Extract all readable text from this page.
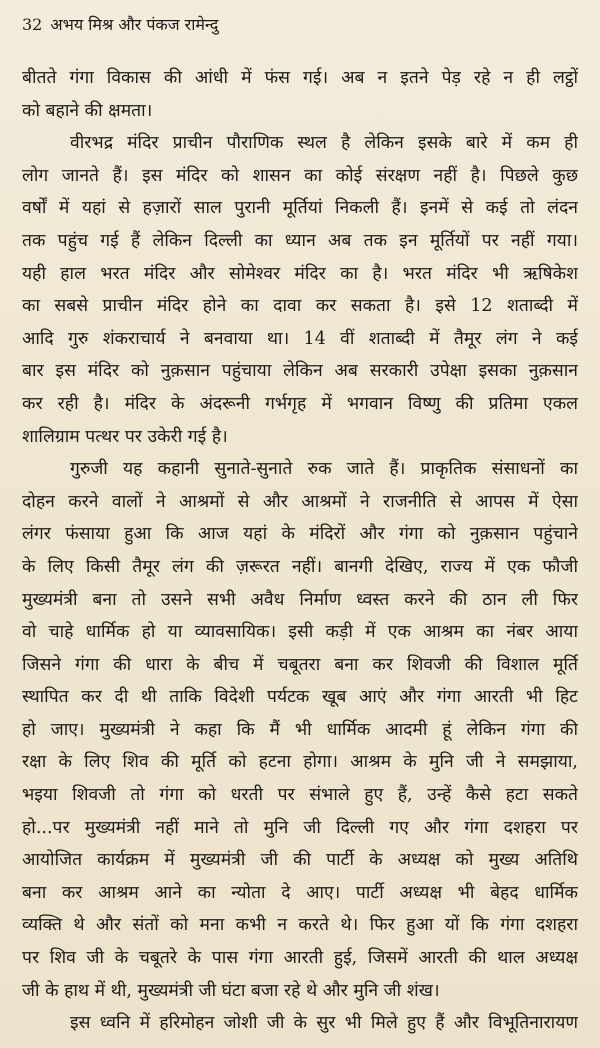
32 अभय मिश्र और पंकज रामेन्दु
बीतते गंगा विकास की आंधी में फंस गई। अब न इतने पेड़ रहे न ही लट्ठों
को बहाने की क्षमता।
वीरभद्र मंदिर प्राचीन पौराणिक स्थल है लेकिन इसके बारे में कम ही
लोग जानते हैं। इस मंदिर को शासन का कोई संरक्षण नहीं है। पिछले कुछ
वर्षों में यहां से हज़ारों साल पुरानी मूर्तियां निकली हैं। इनमें से कई तो लंदन
तक पहुंच गई हैं लेकिन दिल्ली का ध्यान अब तक इन मूर्तियों पर नहीं गया।
यही हाल भरत मंदिर और सोमेश्वर मंदिर का है। भरत मंदिर भी ऋषिकेश
का सबसे प्राचीन मंदिर होने का दावा कर सकता है। इसे 12 शताब्दी में
आदि गुरु शंकराचार्य ने बनवाया था। 14 वीं शताब्दी में तैमूर लंग ने कई
बार इस मंदिर को नुक़सान पहुंचाया लेकिन अब सरकारी उपेक्षा इसका नुक़सान
कर रही है। मंदिर के अंदरूनी गर्भगृह में भगवान विष्णु की प्रतिमा एकल
शालिग्राम पत्थर पर उकेरी गई है।
गुरुजी यह कहानी सुनाते-सुनाते रुक जाते हैं। प्राकृतिक संसाधनों का
दोहन करने वालों ने आश्रमों से और आश्रमों ने राजनीति से आपस में ऐसा
लंगर फंसाया हुआ कि आज यहां के मंदिरों और गंगा को नुक़सान पहुंचाने
के लिए किसी तैमूर लंग की ज़रूरत नहीं। बानगी देखिए, राज्य में एक फौजी
मुख्यमंत्री बना तो उसने सभी अवैध निर्माण ध्वस्त करने की ठान ली फिर
वो चाहे धार्मिक हो या व्यावसायिक। इसी कड़ी में एक आश्रम का नंबर आया
जिसने गंगा की धारा के बीच में चबूतरा बना कर शिवजी की विशाल मूर्ति
स्थापित कर दी थी ताकि विदेशी पर्यटक खूब आएं और गंगा आरती भी हिट
हो जाए। मुख्यमंत्री ने कहा कि मैं भी धार्मिक आदमी हूं लेकिन गंगा की
रक्षा के लिए शिव की मूर्ति को हटना होगा। आश्रम के मुनि जी ने समझाया,
भइया शिवजी तो गंगा को धरती पर संभाले हुए हैं, उन्हें कैसे हटा सकते
हो...पर मुख्यमंत्री नहीं माने तो मुनि जी दिल्ली गए और गंगा दशहरा पर
आयोजित कार्यक्रम में मुख्यमंत्री जी की पार्टी के अध्यक्ष को मुख्य अतिथि
बना कर आश्रम आने का न्योता दे आए। पार्टी अध्यक्ष भी बेहद धार्मिक
व्यक्ति थे और संतों को मना कभी न करते थे। फिर हुआ यों कि गंगा दशहरा
पर शिव जी के चबूतरे के पास गंगा आरती हुई, जिसमें आरती की थाल अध्यक्ष
जी के हाथ में थी, मुख्यमंत्री जी घंटा बजा रहे थे और मुनि जी शंख।
इस ध्वनि में हरिमोहन जोशी जी के सुर भी मिले हुए हैं और विभूतिनारायण
